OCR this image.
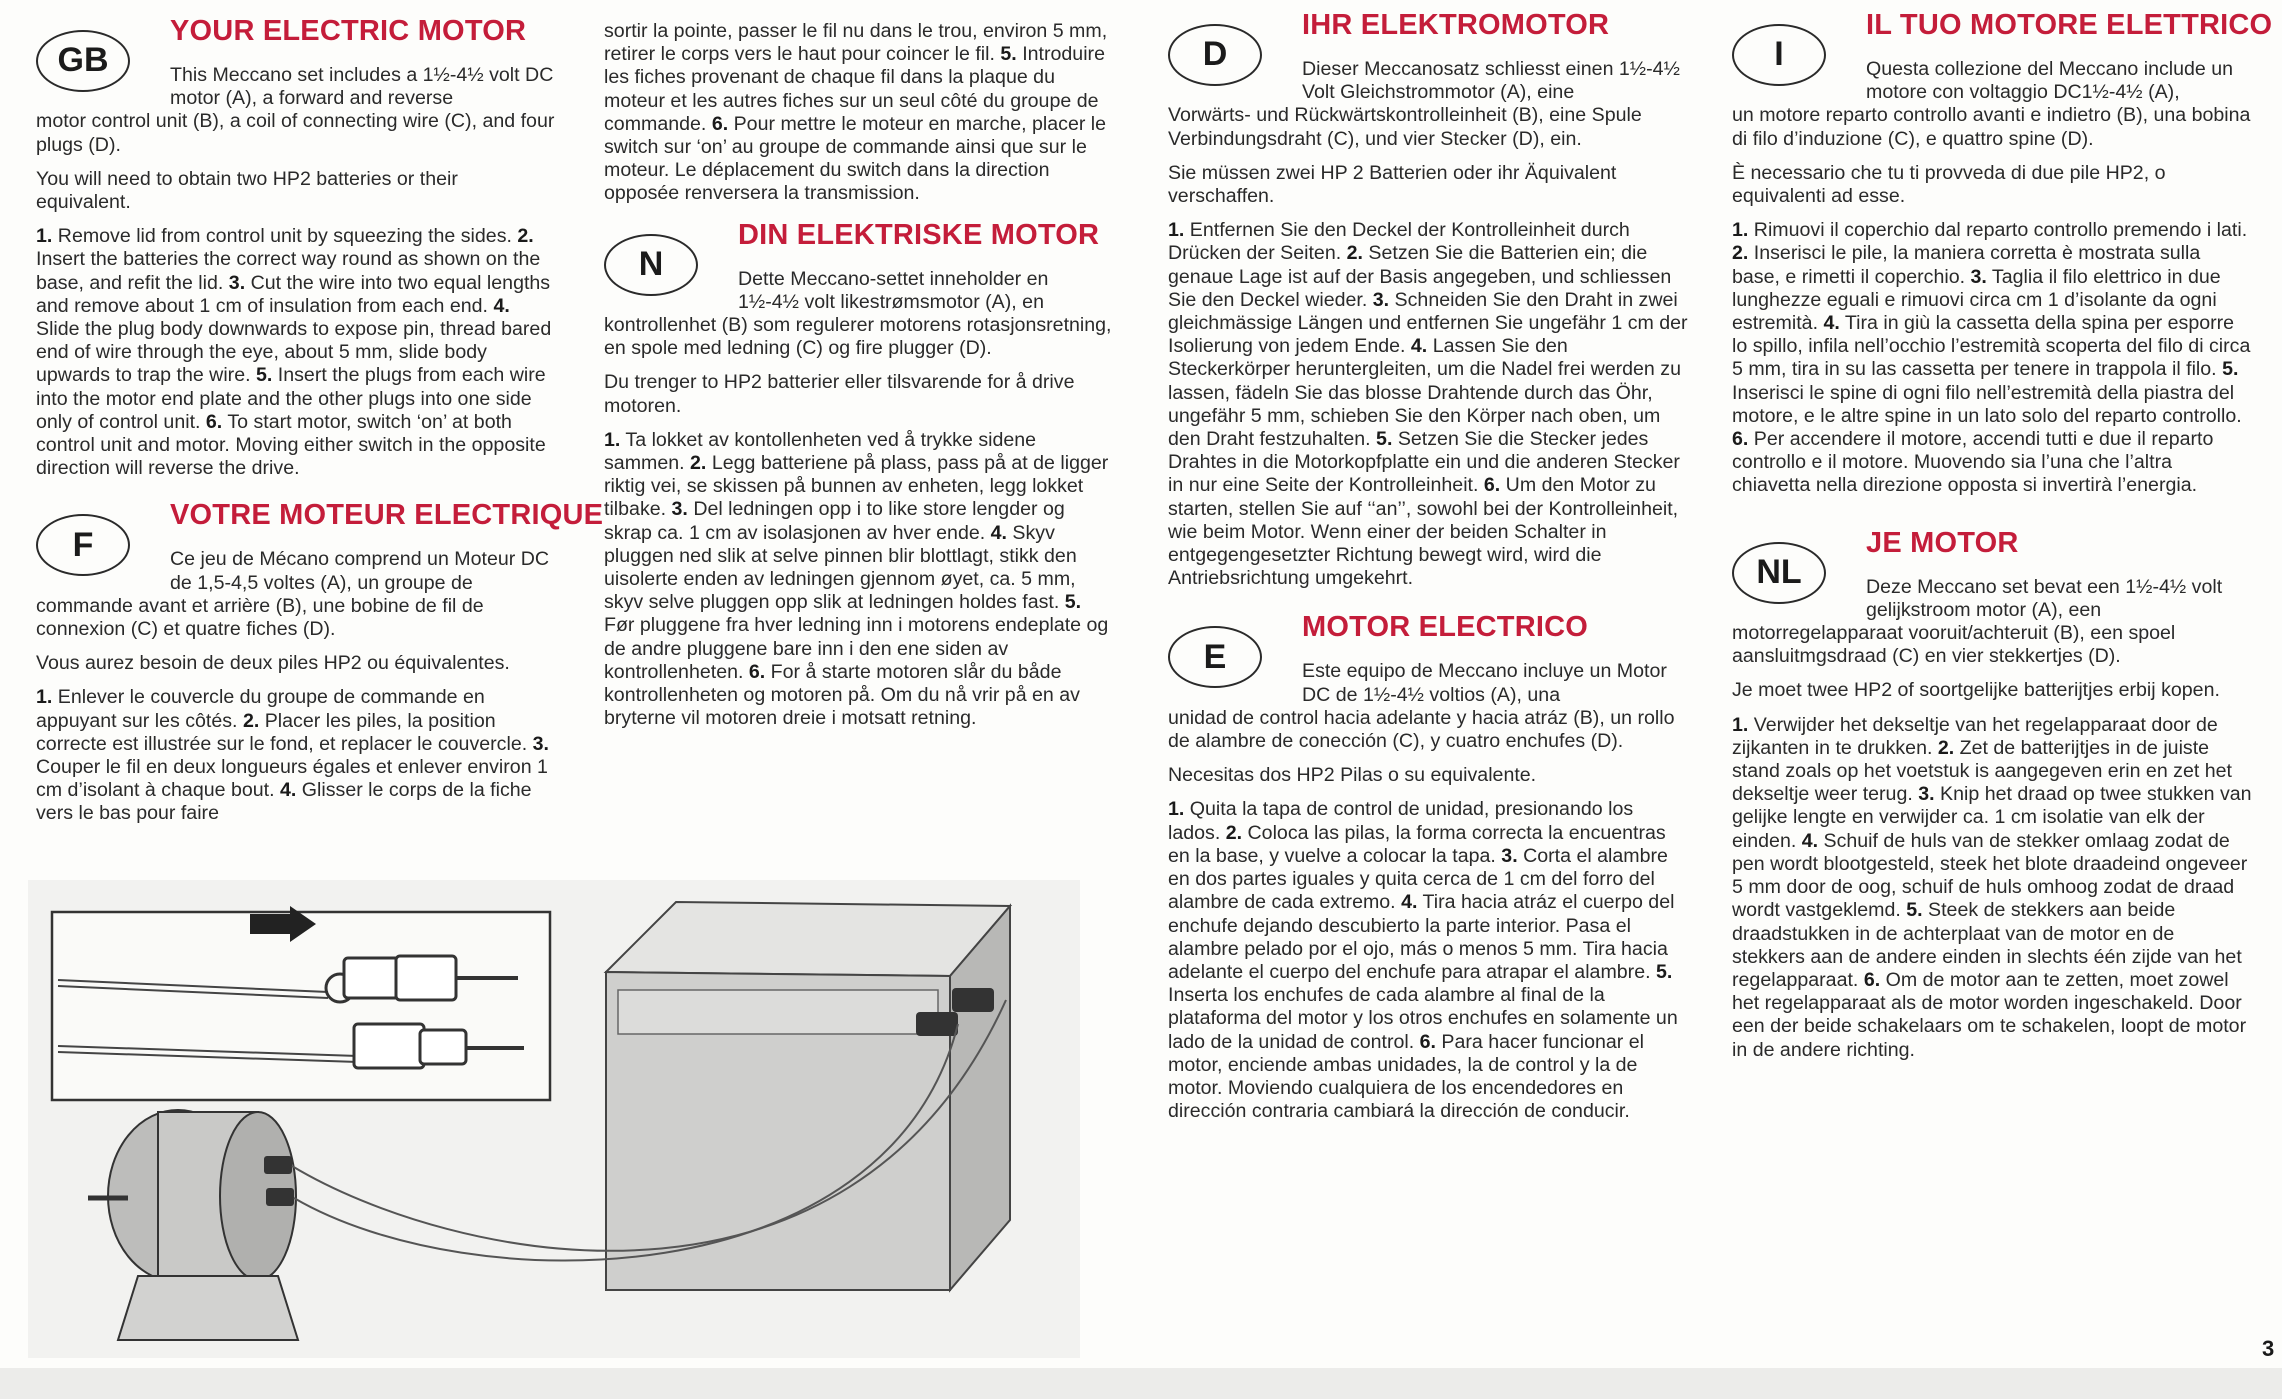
GB
YOUR ELECTRIC MOTOR

This Meccano set includes a 1½-4½ volt DC motor (A), a forward and reverse
motor control unit (B), a coil of connecting wire (C), and four plugs (D).

You will need to obtain two HP2 batteries or their equivalent.

1. Remove lid from control unit by squeezing the sides. 2. Insert the batteries the correct way round as shown on the base, and refit the lid. 3. Cut the wire into two equal lengths and remove about 1 cm of insulation from each end. 4. Slide the plug body downwards to expose pin, thread bared end of wire through the eye, about 5 mm, slide body upwards to trap the wire. 5. Insert the plugs from each wire into the motor end plate and the other plugs into one side only of control unit. 6. To start motor, switch ‘on’ at both control unit and motor. Moving either switch in the opposite direction will reverse the drive.

F
VOTRE MOTEUR ELECTRIQUE

Ce jeu de Mécano comprend un Moteur DC de 1,5-4,5 voltes (A), un groupe de
commande avant et arrière (B), une bobine de fil de connexion (C) et quatre fiches (D).

Vous aurez besoin de deux piles HP2 ou équivalentes.

1. Enlever le couvercle du groupe de commande en appuyant sur les côtés. 2. Placer les piles, la position correcte est illustrée sur le fond, et replacer le couvercle. 3. Couper le fil en deux longueurs égales et enlever environ 1 cm d’isolant à chaque bout. 4. Glisser le corps de la fiche vers le bas pour faire

sortir la pointe, passer le fil nu dans le trou, environ 5 mm, retirer le corps vers le haut pour coincer le fil. 5. Introduire les fiches provenant de chaque fil dans la plaque du moteur et les autres fiches sur un seul côté du groupe de commande. 6. Pour mettre le moteur en marche, placer le switch sur ‘on’ au groupe de commande ainsi que sur le moteur. Le déplacement du switch dans la direction opposée renversera la transmission.

N
DIN ELEKTRISKE MOTOR

Dette Meccano-settet inneholder en 1½-4½ volt likestrømsmotor (A), en
kontrollenhet (B) som regulerer motorens rotasjonsretning, en spole med ledning (C) og fire plugger (D).

Du trenger to HP2 batterier eller tilsvarende for å drive motoren.

1. Ta lokket av kontollenheten ved å trykke sidene sammen. 2. Legg batteriene på plass, pass på at de ligger riktig vei, se skissen på bunnen av enheten, legg lokket tilbake. 3. Del ledningen opp i to like store lengder og skrap ca. 1 cm av isolasjonen av hver ende. 4. Skyv pluggen ned slik at selve pinnen blir blottlagt, stikk den uisolerte enden av ledningen gjennom øyet, ca. 5 mm, skyv selve pluggen opp slik at ledningen holdes fast. 5. Før pluggene fra hver ledning inn i motorens endeplate og de andre pluggene bare inn i den ene siden av kontrollenheten. 6. For å starte motoren slår du både kontrollenheten og motoren på. Om du nå vrir på en av bryterne vil motoren dreie i motsatt retning.

D
IHR ELEKTROMOTOR

Dieser Meccanosatz schliesst einen 1½-4½ Volt Gleichstrommotor (A), eine
Vorwärts- und Rückwärtskontrolleinheit (B), eine Spule Verbindungsdraht (C), und vier Stecker (D), ein.

Sie müssen zwei HP 2 Batterien oder ihr Äquivalent verschaffen.

1. Entfernen Sie den Deckel der Kontrolleinheit durch Drücken der Seiten. 2. Setzen Sie die Batterien ein; die genaue Lage ist auf der Basis angegeben, und schliessen Sie den Deckel wieder. 3. Schneiden Sie den Draht in zwei gleichmässige Längen und entfernen Sie ungefähr 1 cm der Isolierung von jedem Ende. 4. Lassen Sie den Steckerkörper heruntergleiten, um die Nadel frei werden zu lassen, fädeln Sie das blosse Drahtende durch das Öhr, ungefähr 5 mm, schieben Sie den Körper nach oben, um den Draht festzuhalten. 5. Setzen Sie die Stecker jedes Drahtes in die Motorkopfplatte ein und die anderen Stecker in nur eine Seite der Kontrolleinheit. 6. Um den Motor zu starten, stellen Sie auf ‘‘an’’, sowohl bei der Kontrolleinheit, wie beim Motor. Wenn einer der beiden Schalter in entgegengesetzter Richtung bewegt wird, wird die Antriebsrichtung umgekehrt.

E
MOTOR ELECTRICO

Este equipo de Meccano incluye un Motor DC de 1½-4½ voltios (A), una
unidad de control hacia adelante y hacia atráz (B), un rollo de alambre de conección (C), y cuatro enchufes (D).

Necesitas dos HP2 Pilas o su equivalente.

1. Quita la tapa de control de unidad, presionando los lados. 2. Coloca las pilas, la forma correcta la encuentras en la base, y vuelve a colocar la tapa. 3. Corta el alambre en dos partes iguales y quita cerca de 1 cm del forro del alambre de cada extremo. 4. Tira hacia atráz el cuerpo del enchufe dejando descubierto la parte interior. Pasa el alambre pelado por el ojo, más o menos 5 mm. Tira hacia adelante el cuerpo del enchufe para atrapar el alambre. 5. Inserta los enchufes de cada alambre al final de la plataforma del motor y los otros enchufes en solamente un lado de la unidad de control. 6. Para hacer funcionar el motor, enciende ambas unidades, la de control y la de motor. Moviendo cualquiera de los encendedores en dirección contraria cambiará la dirección de conducir.

I
IL TUO MOTORE ELETTRICO

Questa collezione del Meccano include un motore con voltaggio DC1½-4½ (A),
un motore reparto controllo avanti e indietro (B), una bobina di filo d’induzione (C), e quattro spine (D).

È necessario che tu ti provveda di due pile HP2, o equivalenti ad esse.

1. Rimuovi il coperchio dal reparto controllo premendo i lati. 2. Inserisci le pile, la maniera corretta è mostrata sulla base, e rimetti il coperchio. 3. Taglia il filo elettrico in due lunghezze eguali e rimuovi circa cm 1 d’isolante da ogni estremità. 4. Tira in giù la cassetta della spina per esporre lo spillo, infila nell’occhio l’estremità scoperta del filo di circa 5 mm, tira in su las cassetta per tenere in trappola il filo. 5. Inserisci le spine di ogni filo nell’estremità della piastra del motore, e le altre spine in un lato solo del reparto controllo. 6. Per accendere il motore, accendi tutti e due il reparto controllo e il motore. Muovendo sia l’una che l’altra chiavetta nella direzione opposta si invertirà l’energia.

NL
JE MOTOR

Deze Meccano set bevat een 1½-4½ volt gelijkstroom motor (A), een
motorregelapparaat vooruit/achteruit (B), een spoel aansluitmgsdraad (C) en vier stekkertjes (D).

Je moet twee HP2 of soortgelijke batterijtjes erbij kopen.

1. Verwijder het dekseltje van het regelapparaat door de zijkanten in te drukken. 2. Zet de batterijtjes in de juiste stand zoals op het voetstuk is aangegeven erin en zet het dekseltje weer terug. 3. Knip het draad op twee stukken van gelijke lengte en verwijder ca. 1 cm isolatie van elk der einden. 4. Schuif de huls van de stekker omlaag zodat de pen wordt blootgesteld, steek het blote draadeind ongeveer 5 mm door de oog, schuif de huls omhoog zodat de draad wordt vastgeklemd. 5. Steek de stekkers aan beide draadstukken in de achterplaat van de motor en de stekkers aan de andere einden in slechts één zijde van het regelapparaat. 6. Om de motor aan te zetten, moet zowel het regelapparaat als de motor worden ingeschakeld. Door een der beide schakelaars om te schakelen, loopt de motor in de andere richting.

3
